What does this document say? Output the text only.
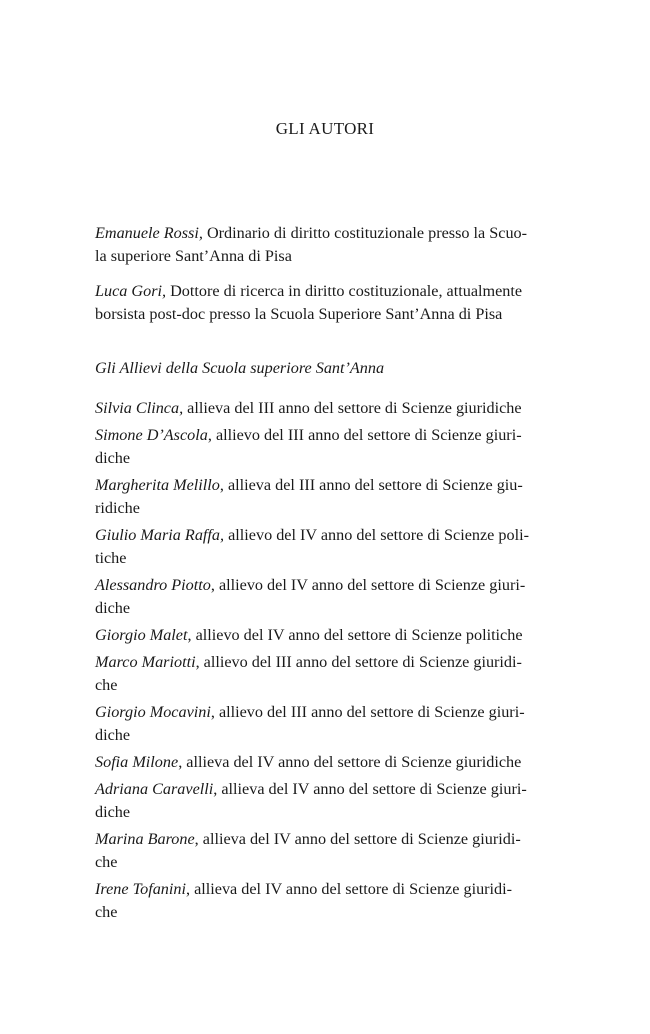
GLI AUTORI

Emanuele Rossi, Ordinario di diritto costituzionale presso la Scuo-
la superiore Sant’Anna di Pisa

Luca Gori, Dottore di ricerca in diritto costituzionale, attualmente
borsista post-doc presso la Scuola Superiore Sant’Anna di Pisa

Gli Allievi della Scuola superiore Sant’Anna

Silvia Clinca, allieva del III anno del settore di Scienze giuridiche

Simone D’Ascola, allievo del III anno del settore di Scienze giuri-
diche

Margherita Melillo, allieva del III anno del settore di Scienze giu-
ridiche

Giulio Maria Raffa, allievo del IV anno del settore di Scienze poli-
tiche

Alessandro Piotto, allievo del IV anno del settore di Scienze giuri-
diche

Giorgio Malet, allievo del IV anno del settore di Scienze politiche

Marco Mariotti, allievo del III anno del settore di Scienze giuridi-
che

Giorgio Mocavini, allievo del III anno del settore di Scienze giuri-
diche

Sofia Milone, allieva del IV anno del settore di Scienze giuridiche

Adriana Caravelli, allieva del IV anno del settore di Scienze giuri-
diche

Marina Barone, allieva del IV anno del settore di Scienze giuridi-
che

Irene Tofanini, allieva del IV anno del settore di Scienze giuridi-
che
